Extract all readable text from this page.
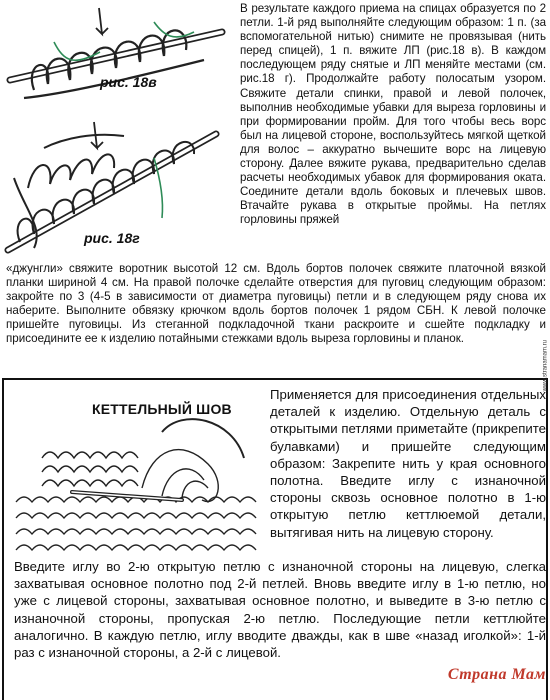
рис. 18в
рис. 18г
В результате каждого приема на спицах образуется по 2 петли. 1-й ряд выполняйте следующим образом: 1 п. (за вспомогательной нитью) снимите не провязывая (нить перед спицей), 1 п. вяжите ЛП (рис.18 в). В каждом последующем ряду снятые и ЛП меняйте местами (см. рис.18 г). Продолжайте работу полосатым узором. Свяжите детали спинки, правой и левой полочек, выполнив необходимые убавки для выреза горловины и при формировании пройм. Для того чтобы весь ворс был на лицевой стороне, воспользуйтесь мягкой щеткой для волос – аккуратно вычешите ворс на лицевую сторону. Далее вяжите рукава, предварительно сделав расчеты необходимых убавок для формирования оката. Соедините детали вдоль боковых и плечевых швов. Втачайте рукава в открытые проймы. На петлях горловины пряжей
«джунгли» свяжите воротник высотой 12 см. Вдоль бортов полочек свяжите платочной вязкой планки шириной 4 см. На правой полочке сделайте отверстия для пуговиц следующим образом: закройте по 3 (4-5 в зависимости от диаметра пуговицы) петли и в следующем ряду снова их наберите. Выполните обвязку крючком вдоль бортов полочек 1 рядом СБН. К левой полочке пришейте пуговицы. Из стеганной подкладочной ткани раскроите и сшейте подкладку и присоедините ее к изделию потайными стежками вдоль выреза горловины и планок.
КЕТТЕЛЬНЫЙ ШОВ
Применяется для присоединения отдельных деталей к изделию. Отдельную деталь с открытыми петлями приметайте (прикрепите булавками) и пришейте следующим образом: Закрепите нить у края основного полотна. Введите иглу с изнаночной стороны сквозь основное полотно в 1-ю открытую петлю кеттлюемой детали, вытягивая нить на лицевую сторону.
Введите иглу во 2-ю открытую петлю с изнаночной стороны на лицевую, слегка захватывая основное полотно под 2-й петлей. Вновь введите иглу в 1-ю петлю, но уже с лицевой стороны, захватывая основное полотно, и выведите в 3-ю петлю с изнаночной стороны, пропуская 2-ю петлю. Последующие петли кеттлюйте аналогично. В каждую петлю, иглу вводите дважды, как в шве «назад иголкой»: 1-й раз с изнаночной стороны, а 2-й с лицевой.
www.stranamam.ru
Страна Мам
